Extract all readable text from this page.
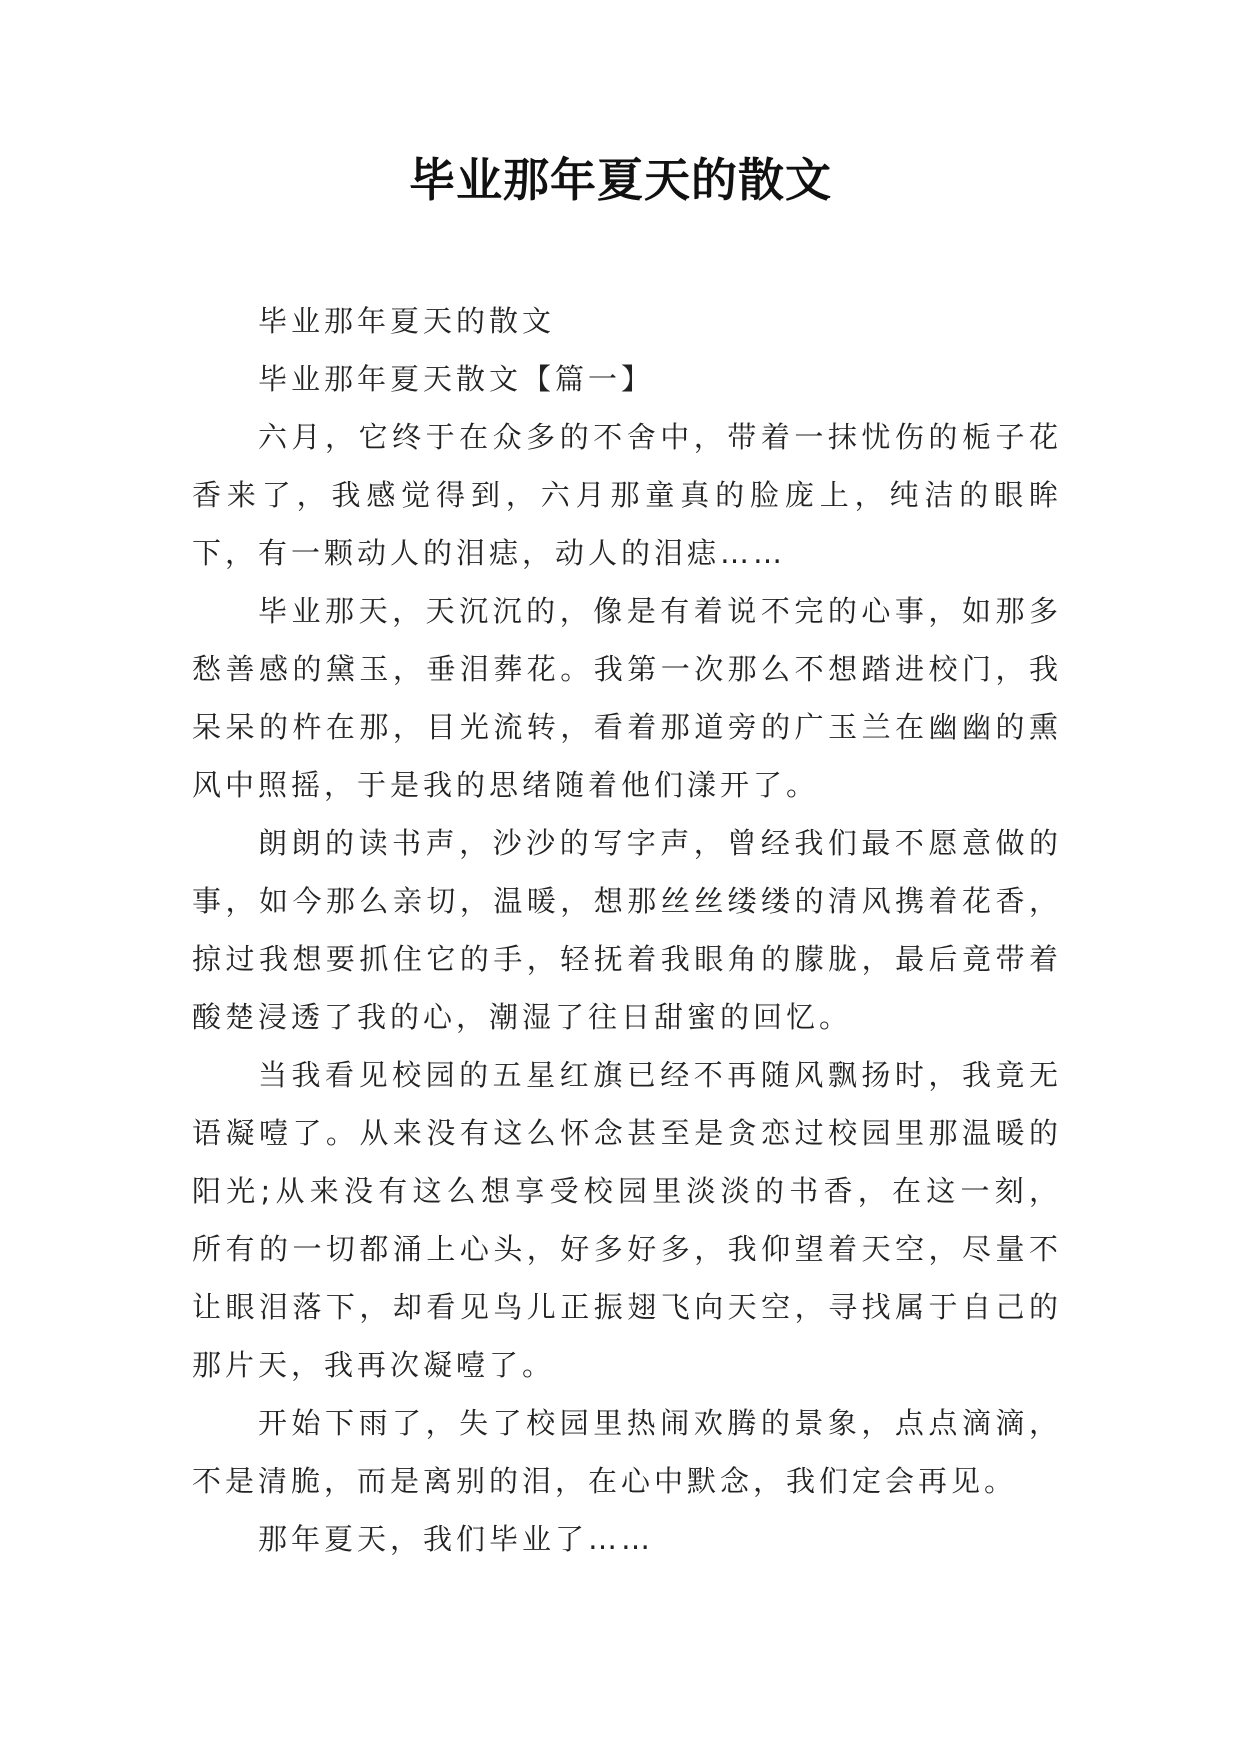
毕业那年夏天的散文

毕业那年夏天的散文

毕业那年夏天散文【篇一】

六月，它终于在众多的不舍中，带着一抹忧伤的栀子花香来了，我感觉得到，六月那童真的脸庞上，纯洁的眼眸下，有一颗动人的泪痣，动人的泪痣……

毕业那天，天沉沉的，像是有着说不完的心事，如那多愁善感的黛玉，垂泪葬花。我第一次那么不想踏进校门，我呆呆的杵在那，目光流转，看着那道旁的广玉兰在幽幽的熏风中照摇，于是我的思绪随着他们漾开了。

朗朗的读书声，沙沙的写字声，曾经我们最不愿意做的事，如今那么亲切，温暖，想那丝丝缕缕的清风携着花香，掠过我想要抓住它的手，轻抚着我眼角的朦胧，最后竟带着酸楚浸透了我的心，潮湿了往日甜蜜的回忆。

当我看见校园的五星红旗已经不再随风飘扬时，我竟无语凝噎了。从来没有这么怀念甚至是贪恋过校园里那温暖的阳光;从来没有这么想享受校园里淡淡的书香，在这一刻，所有的一切都涌上心头，好多好多，我仰望着天空，尽量不让眼泪落下，却看见鸟儿正振翅飞向天空，寻找属于自己的那片天，我再次凝噎了。

开始下雨了，失了校园里热闹欢腾的景象，点点滴滴，不是清脆，而是离别的泪，在心中默念，我们定会再见。

那年夏天，我们毕业了……
